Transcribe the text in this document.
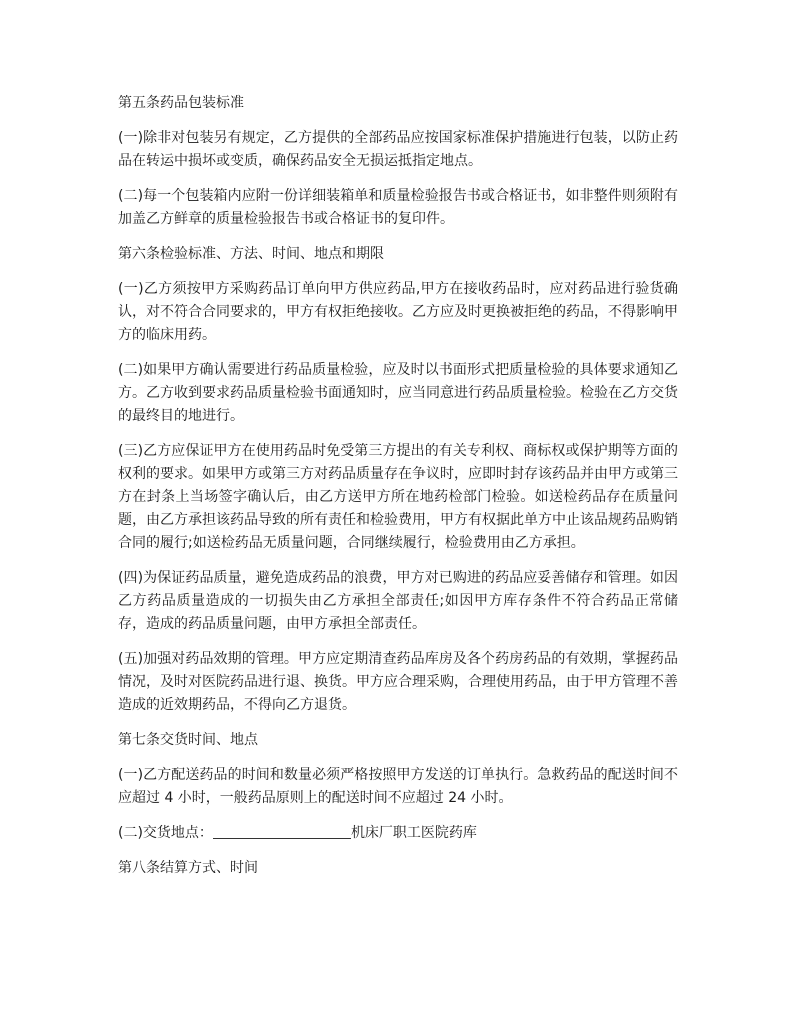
第五条药品包装标准

(一)除非对包装另有规定，乙方提供的全部药品应按国家标准保护措施进行包装，以防止药品在转运中损坏或变质，确保药品安全无损运抵指定地点。

(二)每一个包装箱内应附一份详细装箱单和质量检验报告书或合格证书，如非整件则须附有加盖乙方鲜章的质量检验报告书或合格证书的复印件。

第六条检验标准、方法、时间、地点和期限

(一)乙方须按甲方采购药品订单向甲方供应药品,甲方在接收药品时，应对药品进行验货确认，对不符合合同要求的，甲方有权拒绝接收。乙方应及时更换被拒绝的药品，不得影响甲方的临床用药。

(二)如果甲方确认需要进行药品质量检验，应及时以书面形式把质量检验的具体要求通知乙方。乙方收到要求药品质量检验书面通知时，应当同意进行药品质量检验。检验在乙方交货的最终目的地进行。

(三)乙方应保证甲方在使用药品时免受第三方提出的有关专利权、商标权或保护期等方面的权利的要求。如果甲方或第三方对药品质量存在争议时，应即时封存该药品并由甲方或第三方在封条上当场签字确认后，由乙方送甲方所在地药检部门检验。如送检药品存在质量问题，由乙方承担该药品导致的所有责任和检验费用，甲方有权据此单方中止该品规药品购销合同的履行;如送检药品无质量问题，合同继续履行，检验费用由乙方承担。

(四)为保证药品质量，避免造成药品的浪费，甲方对已购进的药品应妥善储存和管理。如因乙方药品质量造成的一切损失由乙方承担全部责任;如因甲方库存条件不符合药品正常储存，造成的药品质量问题，由甲方承担全部责任。

(五)加强对药品效期的管理。甲方应定期清查药品库房及各个药房药品的有效期，掌握药品情况，及时对医院药品进行退、换货。甲方应合理采购，合理使用药品，由于甲方管理不善造成的近效期药品，不得向乙方退货。

第七条交货时间、地点

(一)乙方配送药品的时间和数量必须严格按照甲方发送的订单执行。急救药品的配送时间不应超过 4 小时，一般药品原则上的配送时间不应超过 24 小时。

(二)交货地点：	机床厂职工医院药库

第八条结算方式、时间
